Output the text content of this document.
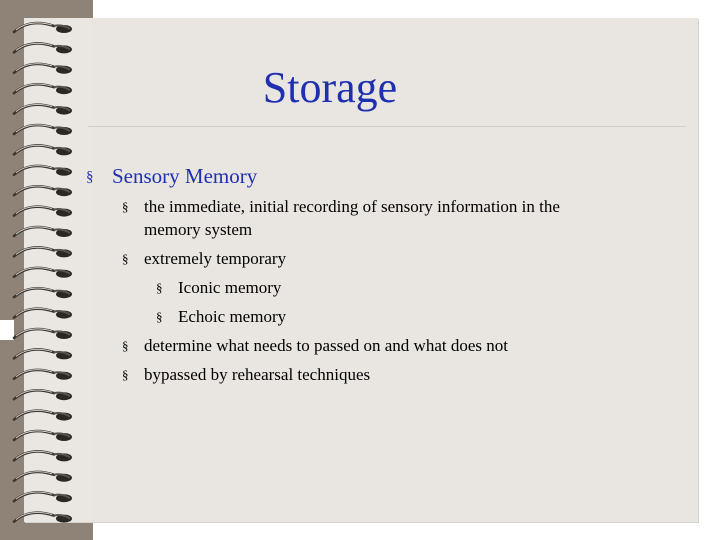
Storage
§ Sensory Memory
§ the immediate, initial recording of sensory information in the
memory system
§ extremely temporary
§ Iconic memory
§ Echoic memory
§ determine what needs to passed on and what does not
§ bypassed by rehearsal techniques
